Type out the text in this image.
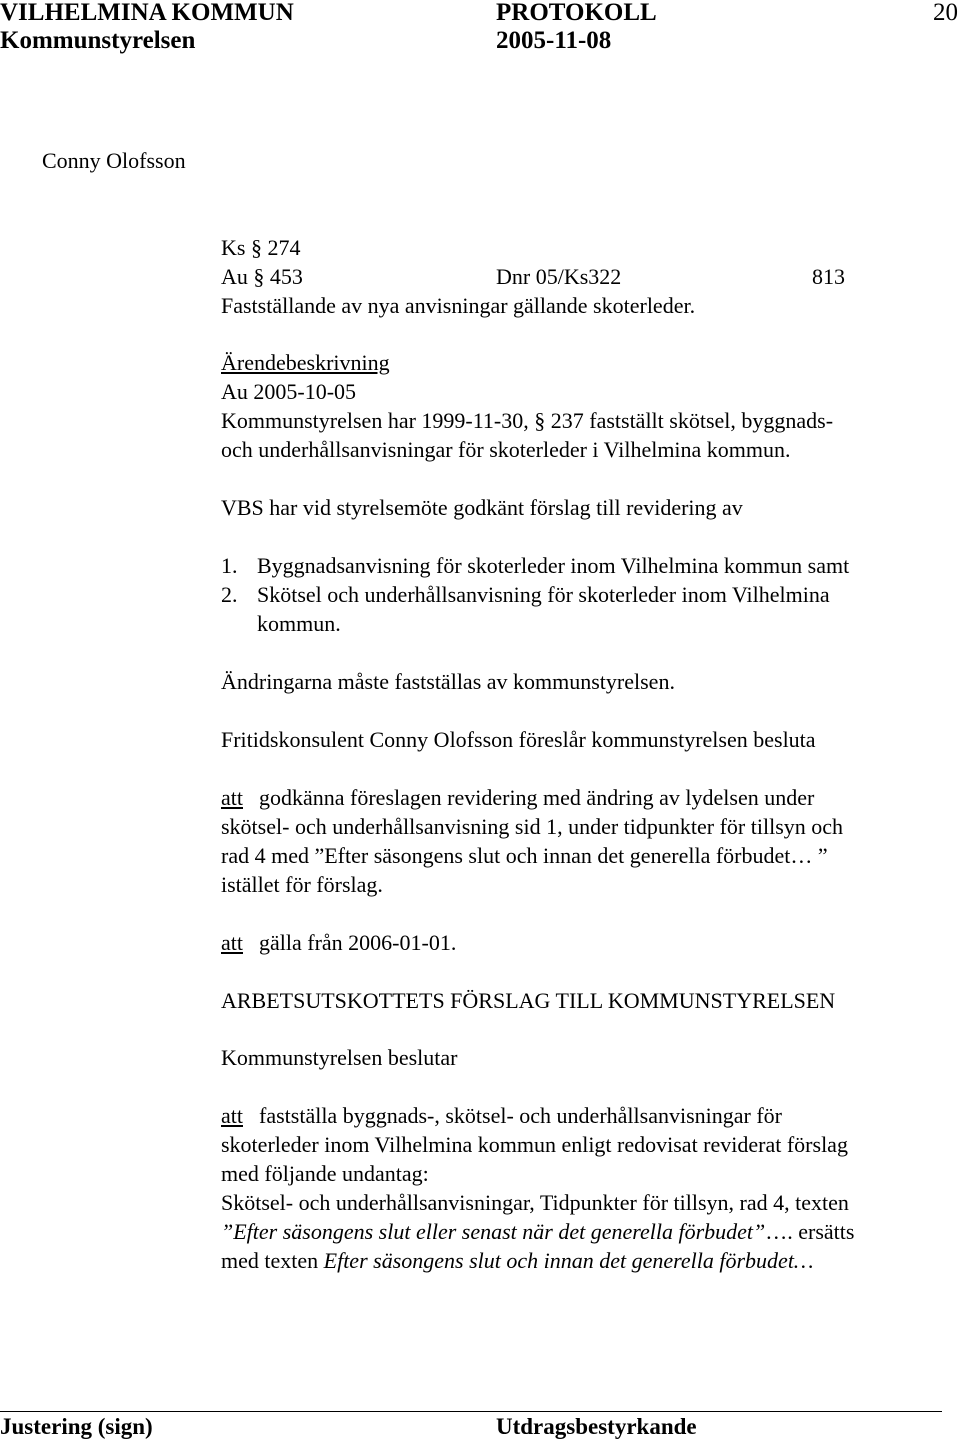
VILHELMINA KOMMUN	PROTOKOLL	20
Kommunstyrelsen	2005-11-08
Conny Olofsson
Ks § 274
Au § 453	Dnr 05/Ks322	813
Fastställande av nya anvisningar gällande skoterleder.
Ärendebeskrivning
Au 2005-10-05
Kommunstyrelsen har 1999-11-30, § 237 fastställt skötsel, byggnads-
och underhållsanvisningar för skoterleder i Vilhelmina kommun.
VBS har vid styrelsemöte godkänt förslag till revidering av
1. Byggnadsanvisning för skoterleder inom Vilhelmina kommun samt
2. Skötsel och underhållsanvisning för skoterleder inom Vilhelmina
kommun.
Ändringarna måste fastställas av kommunstyrelsen.
Fritidskonsulent Conny Olofsson föreslår kommunstyrelsen besluta
att godkänna föreslagen revidering med ändring av lydelsen under
skötsel- och underhållsanvisning sid 1, under tidpunkter för tillsyn och
rad 4 med ”Efter säsongens slut och innan det generella förbudet… ”
istället för förslag.
att gälla från 2006-01-01.
ARBETSUTSKOTTETS FÖRSLAG TILL KOMMUNSTYRELSEN
Kommunstyrelsen beslutar
att fastställa byggnads-, skötsel- och underhållsanvisningar för
skoterleder inom Vilhelmina kommun enligt redovisat reviderat förslag
med följande undantag:
Skötsel- och underhållsanvisningar, Tidpunkter för tillsyn, rad 4, texten
”Efter säsongens slut eller senast när det generella förbudet”…. ersätts
med texten Efter säsongens slut och innan det generella förbudet…
Justering (sign)	Utdragsbestyrkande
